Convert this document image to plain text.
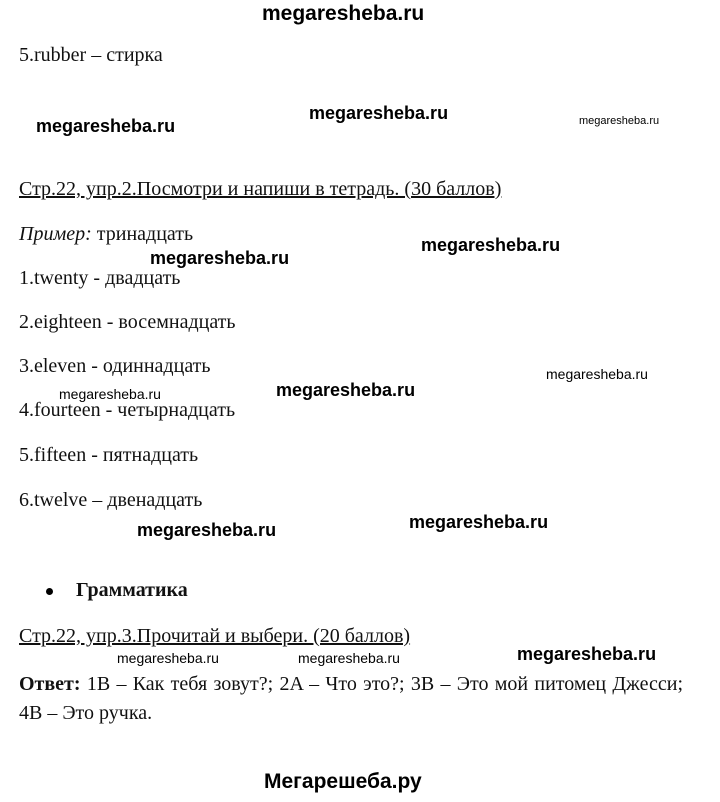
megaresheba.ru
megaresheba.ru
megaresheba.ru	megaresheba.ru
megaresheba.ru
megaresheba.ru
megaresheba.ru
megaresheba.ru	megaresheba.ru
megaresheba.ru
megaresheba.ru
megaresheba.ru	megaresheba.ru	megaresheba.ru
Мегарешеба.ру
5.rubber – стирка
Стр.22, упр.2.Посмотри и напиши в тетрадь. (30 баллов)
Пример: тринадцать
1.twenty - двадцать
2.eighteen - восемнадцать
3.eleven - одиннадцать
4.fourteen - четырнадцать
5.fifteen - пятнадцать
6.twelve – двенадцать
Грамматика
Стр.22, упр.3.Прочитай и выбери. (20 баллов)
Ответ: 1B – Как тебя зовут?; 2A – Что это?; 3B – Это мой питомец Джесси; 4B – Это ручка.
